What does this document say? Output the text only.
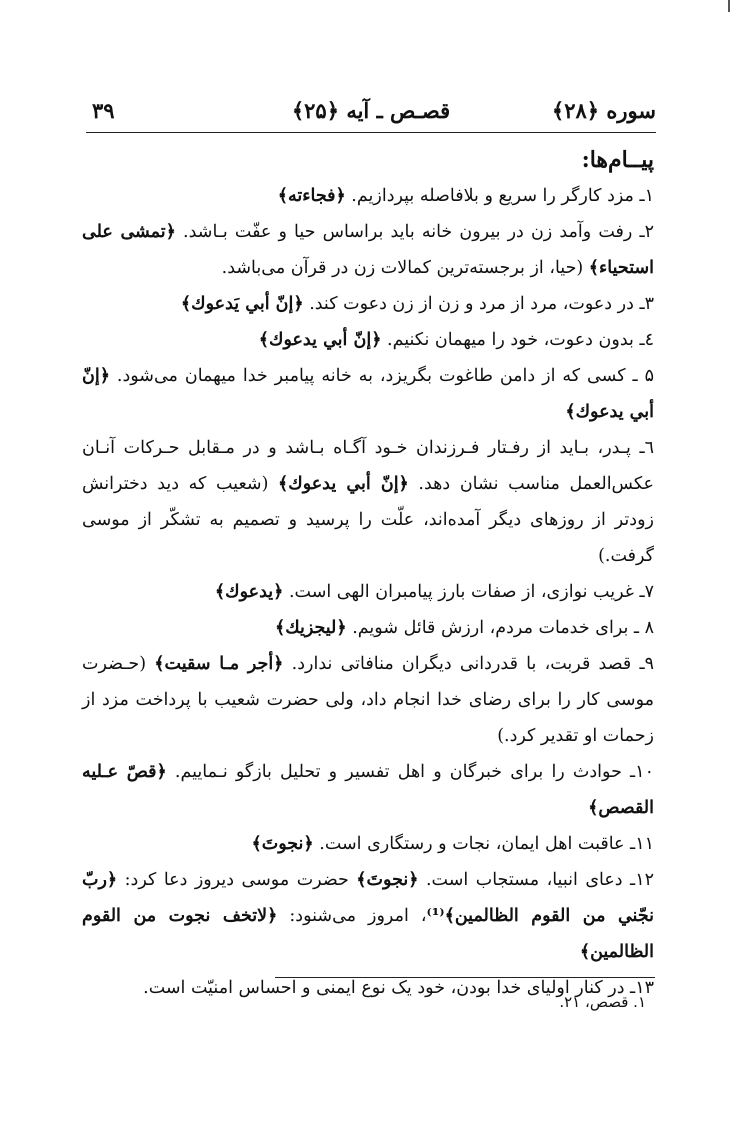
۳۹	قصـص ـ آیه ﴿۲۵﴾	سوره ﴿۲۸﴾
پیــام‌ها:

۱ـ مزد کارگر را سریع و بلافاصله بپردازیم. ﴿فجاءته﴾

۲ـ رفت وآمد زن در بیرون خانه باید براساس حیا و عفّت بـاشد. ﴿تمشی علی استحیاء﴾ (حیا، از برجسته‌ترین کمالات زن در قرآن می‌باشد.

۳ـ در دعوت، مرد از مرد و زن از زن دعوت کند. ﴿إنّ أبي يَدعوك﴾

٤ـ بدون دعوت، خود را میهمان نکنیم. ﴿إنّ أبي يدعوك﴾

۵ ـ کسی که از دامن طاغوت بگریزد، به خانه پیامبر خدا میهمان می‌شود. ﴿إنّ أبي يدعوك﴾

٦ـ پـدر، بـاید از رفـتار فـرزندان خـود آگـاه بـاشد و در مـقابل حـرکات آنـان عکس‌العمل مناسب نشان دهد. ﴿إنّ أبي يدعوك﴾ (شعیب که دید دخترانش زودتر از روزهای دیگر آمده‌اند، علّت را پرسید و تصمیم به تشکّر از موسی گرفت.)

۷ـ غریب نوازی، از صفات بارز پیامبران الهی است. ﴿يدعوك﴾

۸ ـ برای خدمات مردم، ارزش قائل شویم. ﴿ليجزيك﴾

۹ـ قصد قربت، با قدردانی دیگران منافاتی ندارد. ﴿أجر مـا سقيت﴾ (حـضرت موسی کار را برای رضای خدا انجام داد، ولی حضرت شعیب با پرداخت مزد از زحمات او تقدیر کرد.)

۱۰ـ حوادث را برای خبرگان و اهل تفسیر و تحلیل بازگو نـماییم. ﴿قصّ عـليه القصص﴾

۱۱ـ عاقبت اهل ایمان، نجات و رستگاری است. ﴿نجوتَ﴾

۱۲ـ دعای انبیا، مستجاب است. ﴿نجوتَ﴾ حضرت موسی دیروز دعا کرد: ﴿ربّ نجّني من القوم الظالمين﴾⁽¹⁾، امروز می‌شنود: ﴿لاتخف نجوت من القوم الظالمين﴾

۱۳ـ در کنار اولیای خدا بودن، خود یک نوع ایمنی و احساس امنیّت است.

۱. قصص، ۲۱.
